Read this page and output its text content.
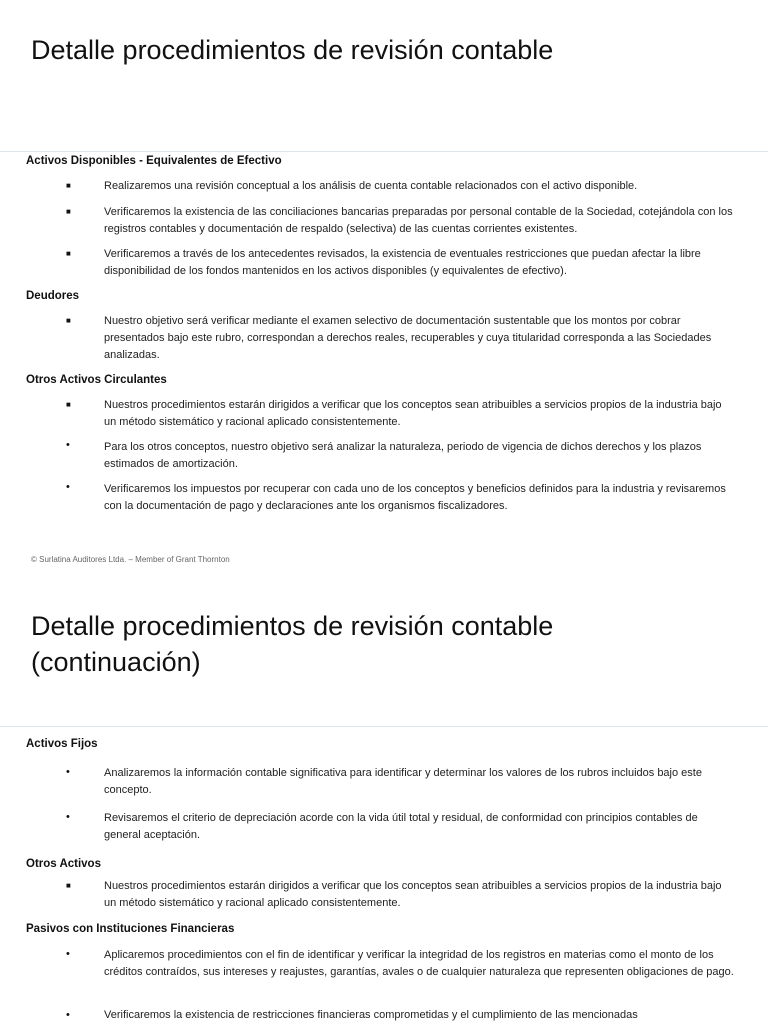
Detalle procedimientos de revisión contable
Activos Disponibles - Equivalentes de Efectivo
■	Realizaremos una revisión conceptual a los análisis de cuenta contable relacionados con el activo disponible.

■	Verificaremos la existencia de las conciliaciones bancarias preparadas por personal contable de la Sociedad, cotejándola con los registros contables y documentación de respaldo (selectiva) de las cuentas corrientes existentes.

■	Verificaremos a través de los antecedentes revisados, la existencia de eventuales restricciones que puedan afectar la libre disponibilidad de los fondos mantenidos en los activos disponibles (y equivalentes de efectivo).

Deudores
■	Nuestro objetivo será verificar mediante el examen selectivo de documentación sustentable que los montos por cobrar presentados bajo este rubro, correspondan a derechos reales, recuperables y cuya titularidad corresponda a las Sociedades analizadas.

Otros Activos Circulantes
■	Nuestros procedimientos estarán dirigidos a verificar que los conceptos sean atribuibles a servicios propios de la industria bajo un método sistemático y racional aplicado consistentemente.

•	Para los otros conceptos, nuestro objetivo será analizar la naturaleza, periodo de vigencia de dichos derechos y los plazos estimados de amortización.

•	Verificaremos los impuestos por recuperar con cada uno de los conceptos y beneficios definidos para la industria y revisaremos con la documentación de pago y declaraciones ante los organismos fiscalizadores.

© Surlatina Auditores Ltda. – Member of Grant Thornton

Detalle procedimientos de revisión contable
(continuación)
Activos Fijos
•	Analizaremos la información contable significativa para identificar y determinar los valores de los rubros incluidos bajo este concepto.

•	Revisaremos el criterio de depreciación acorde con la vida útil total y residual, de conformidad con principios contables de general aceptación.

Otros Activos
■	Nuestros procedimientos estarán dirigidos a verificar que los conceptos sean atribuibles a servicios propios de la industria bajo un método sistemático y racional aplicado consistentemente.

Pasivos con Instituciones Financieras
•	Aplicaremos procedimientos con el fin de identificar y verificar la integridad de los registros en materias como el monto de los créditos contraídos, sus intereses y reajustes, garantías, avales o de cualquier naturaleza que representen obligaciones de pago.

•	Verificaremos la existencia de restricciones financieras comprometidas y el cumplimiento de las mencionadas
